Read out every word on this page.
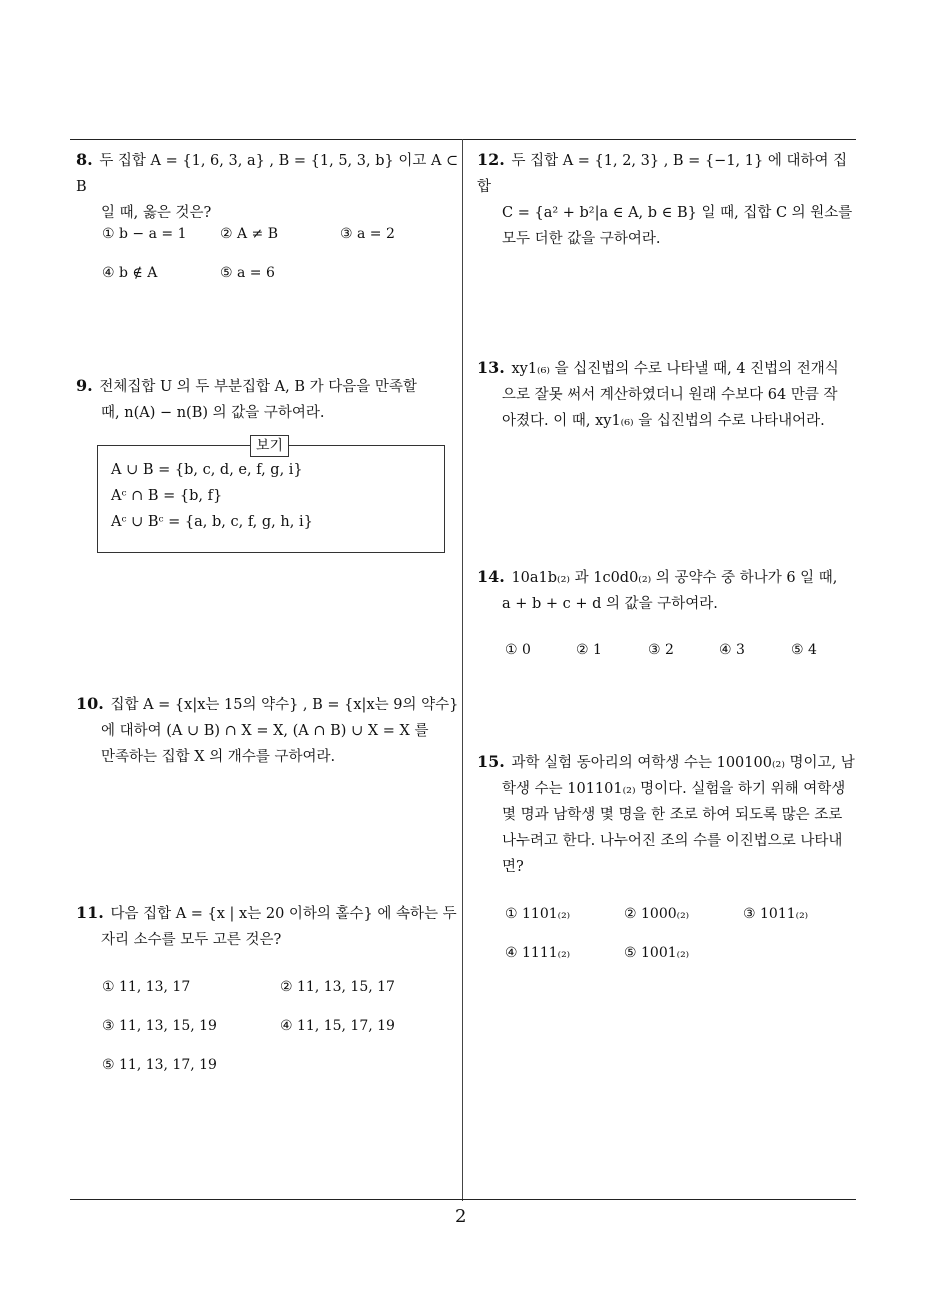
8. 두 집합 A = {1, 6, 3, a} , B = {1, 5, 3, b} 이고 A ⊂ B
일 때, 옳은 것은?
① b − a = 1 ② A ≠ B	③ a = 2
④ b ∉ A	⑤ a = 6
9. 전체집합 U 의 두 부분집합 A, B 가 다음을 만족할
때, n(A) − n(B) 의 값을 구하여라.
보기
A ∪ B = {b, c, d, e, f, g, i}
Aᶜ ∩ B = {b, f}
Aᶜ ∪ Bᶜ = {a, b, c, f, g, h, i}
10. 집합 A = {x|x는 15의 약수} , B = {x|x는 9의 약수}
에 대하여 (A ∪ B) ∩ X = X, (A ∩ B) ∪ X = X 를
만족하는 집합 X 의 개수를 구하여라.
11. 다음 집합 A = {x | x는 20 이하의 홀수} 에 속하는 두
자리 소수를 모두 고른 것은?
① 11, 13, 17	② 11, 13, 15, 17
③ 11, 13, 15, 19	④ 11, 15, 17, 19
⑤ 11, 13, 17, 19
12. 두 집합 A = {1, 2, 3} , B = {−1, 1} 에 대하여 집합
C = {a² + b²|a ∈ A, b ∈ B} 일 때, 집합 C 의 원소를
모두 더한 값을 구하여라.
13. xy1₍₆₎ 을 십진법의 수로 나타낼 때, 4 진법의 전개식
으로 잘못 써서 계산하였더니 원래 수보다 64 만큼 작
아졌다. 이 때, xy1₍₆₎ 을 십진법의 수로 나타내어라.
14. 10a1b₍₂₎ 과 1c0d0₍₂₎ 의 공약수 중 하나가 6 일 때,
a + b + c + d 의 값을 구하여라.
① 0	② 1	③ 2	④ 3	⑤ 4
15. 과학 실험 동아리의 여학생 수는 100100₍₂₎ 명이고, 남
학생 수는 101101₍₂₎ 명이다. 실험을 하기 위해 여학생
몇 명과 남학생 몇 명을 한 조로 하여 되도록 많은 조로
나누려고 한다. 나누어진 조의 수를 이진법으로 나타내
면?
① 1101₍₂₎	② 1000₍₂₎	③ 1011₍₂₎
④ 1111₍₂₎	⑤ 1001₍₂₎
2
